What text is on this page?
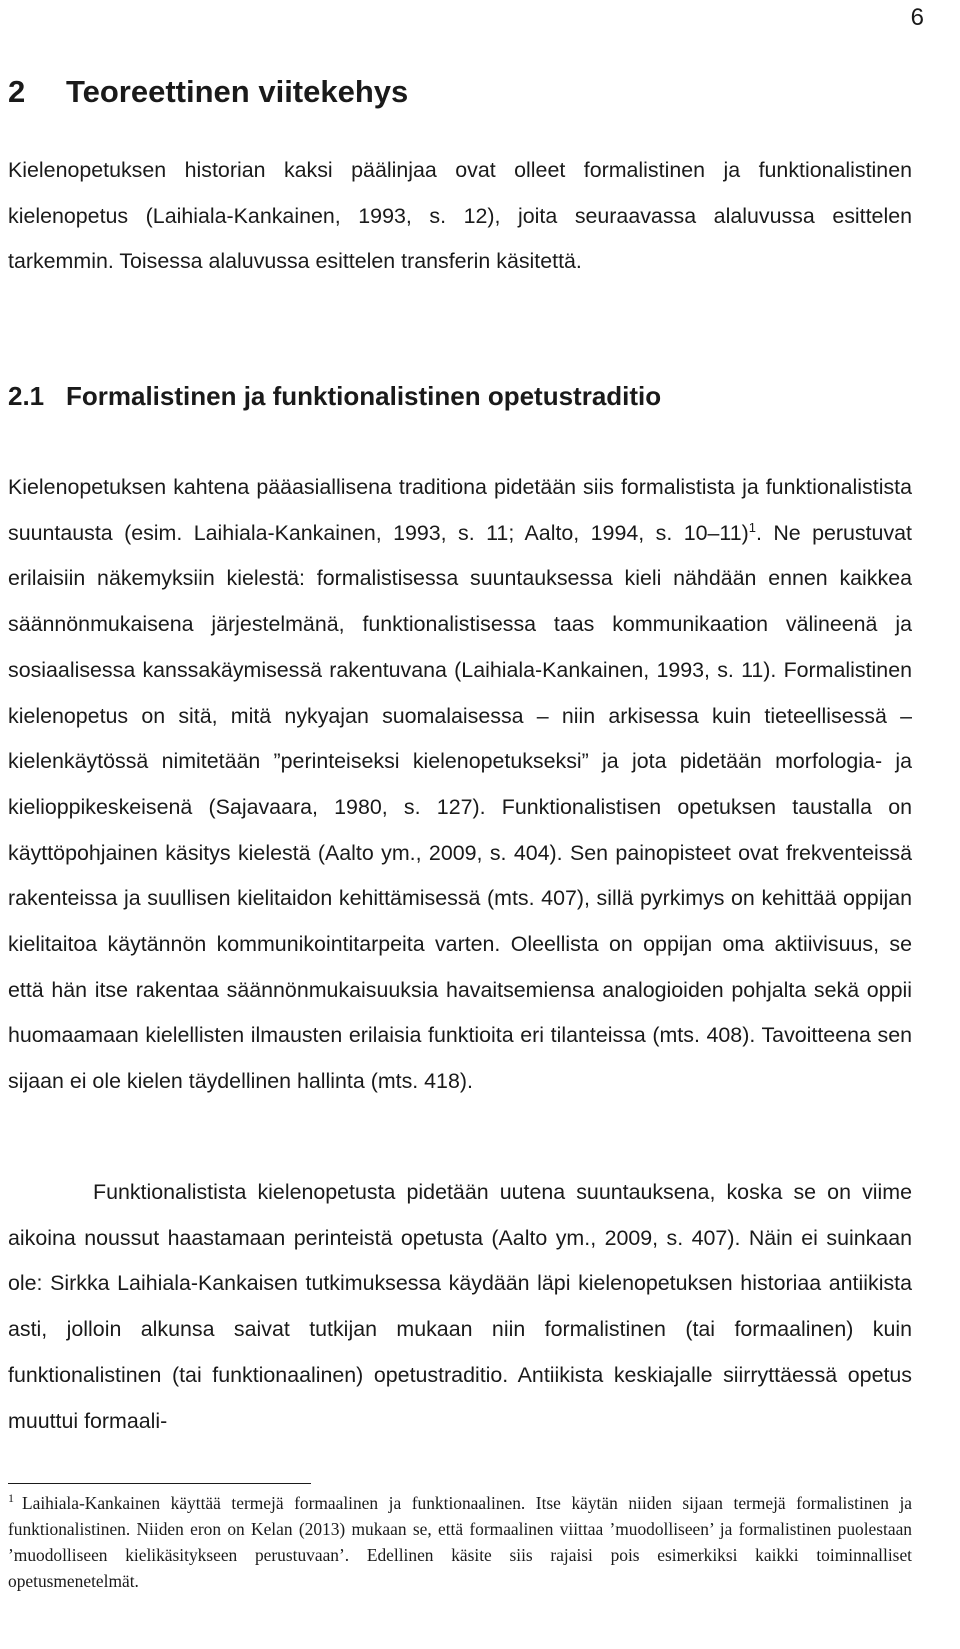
6
2 Teoreettinen viitekehys

Kielenopetuksen historian kaksi päälinjaa ovat olleet formalistinen ja funktionalistinen kielenopetus (Laihiala-Kankainen, 1993, s. 12), joita seuraavassa alaluvussa esittelen tarkemmin. Toisessa alaluvussa esittelen transferin käsitettä.

2.1 Formalistinen ja funktionalistinen opetustraditio

Kielenopetuksen kahtena pääasiallisena traditiona pidetään siis formalistista ja funktionalistista suuntausta (esim. Laihiala-Kankainen, 1993, s. 11; Aalto, 1994, s. 10–11)$^1$. Ne perustuvat erilaisiin näkemyksiin kielestä: formalistisessa suuntauksessa kieli nähdään ennen kaikkea säännönmukaisena järjestelmänä, funktionalistisessa taas kommunikaation välineenä ja sosiaalisessa kanssakäymisessä rakentuvana (Laihiala-Kankainen, 1993, s. 11). Formalistinen kielenopetus on sitä, mitä nykyajan suomalaisessa – niin arkisessa kuin tieteellisessä – kielenkäytössä nimitetään ”perinteiseksi kielenopetukseksi” ja jota pidetään morfologia- ja kielioppikeskeisenä (Sajavaara, 1980, s. 127). Funktionalistisen opetuksen taustalla on käyttöpohjainen käsitys kielestä (Aalto ym., 2009, s. 404). Sen painopisteet ovat frekventeissä rakenteissa ja suullisen kielitaidon kehittämisessä (mts. 407), sillä pyrkimys on kehittää oppijan kielitaitoa käytännön kommunikointitarpeita varten. Oleellista on oppijan oma aktiivisuus, se että hän itse rakentaa säännönmukaisuuksia havaitsemiensa analogioiden pohjalta sekä oppii huomaamaan kielellisten ilmausten erilaisia funktioita eri tilanteissa (mts. 408). Tavoitteena sen sijaan ei ole kielen täydellinen hallinta (mts. 418).

Funktionalistista kielenopetusta pidetään uutena suuntauksena, koska se on viime aikoina noussut haastamaan perinteistä opetusta (Aalto ym., 2009, s. 407). Näin ei suinkaan ole: Sirkka Laihiala-Kankaisen tutkimuksessa käydään läpi kielenopetuksen historiaa antiikista asti, jolloin alkunsa saivat tutkijan mukaan niin formalistinen (tai formaalinen) kuin funktionalistinen (tai funktionaalinen) opetustraditio. Antiikista keskiajalle siirryttäessä opetus muuttui formaali-

$^1$ Laihiala-Kankainen käyttää termejä formaalinen ja funktionaalinen. Itse käytän niiden sijaan termejä formalistinen ja funktionalistinen. Niiden eron on Kelan (2013) mukaan se, että formaalinen viittaa ’muodolliseen’ ja formalistinen puolestaan ’muodolliseen kielikäsitykseen perustuvaan’. Edellinen käsite siis rajaisi pois esimerkiksi kaikki toiminnalliset opetusmenetelmät.
